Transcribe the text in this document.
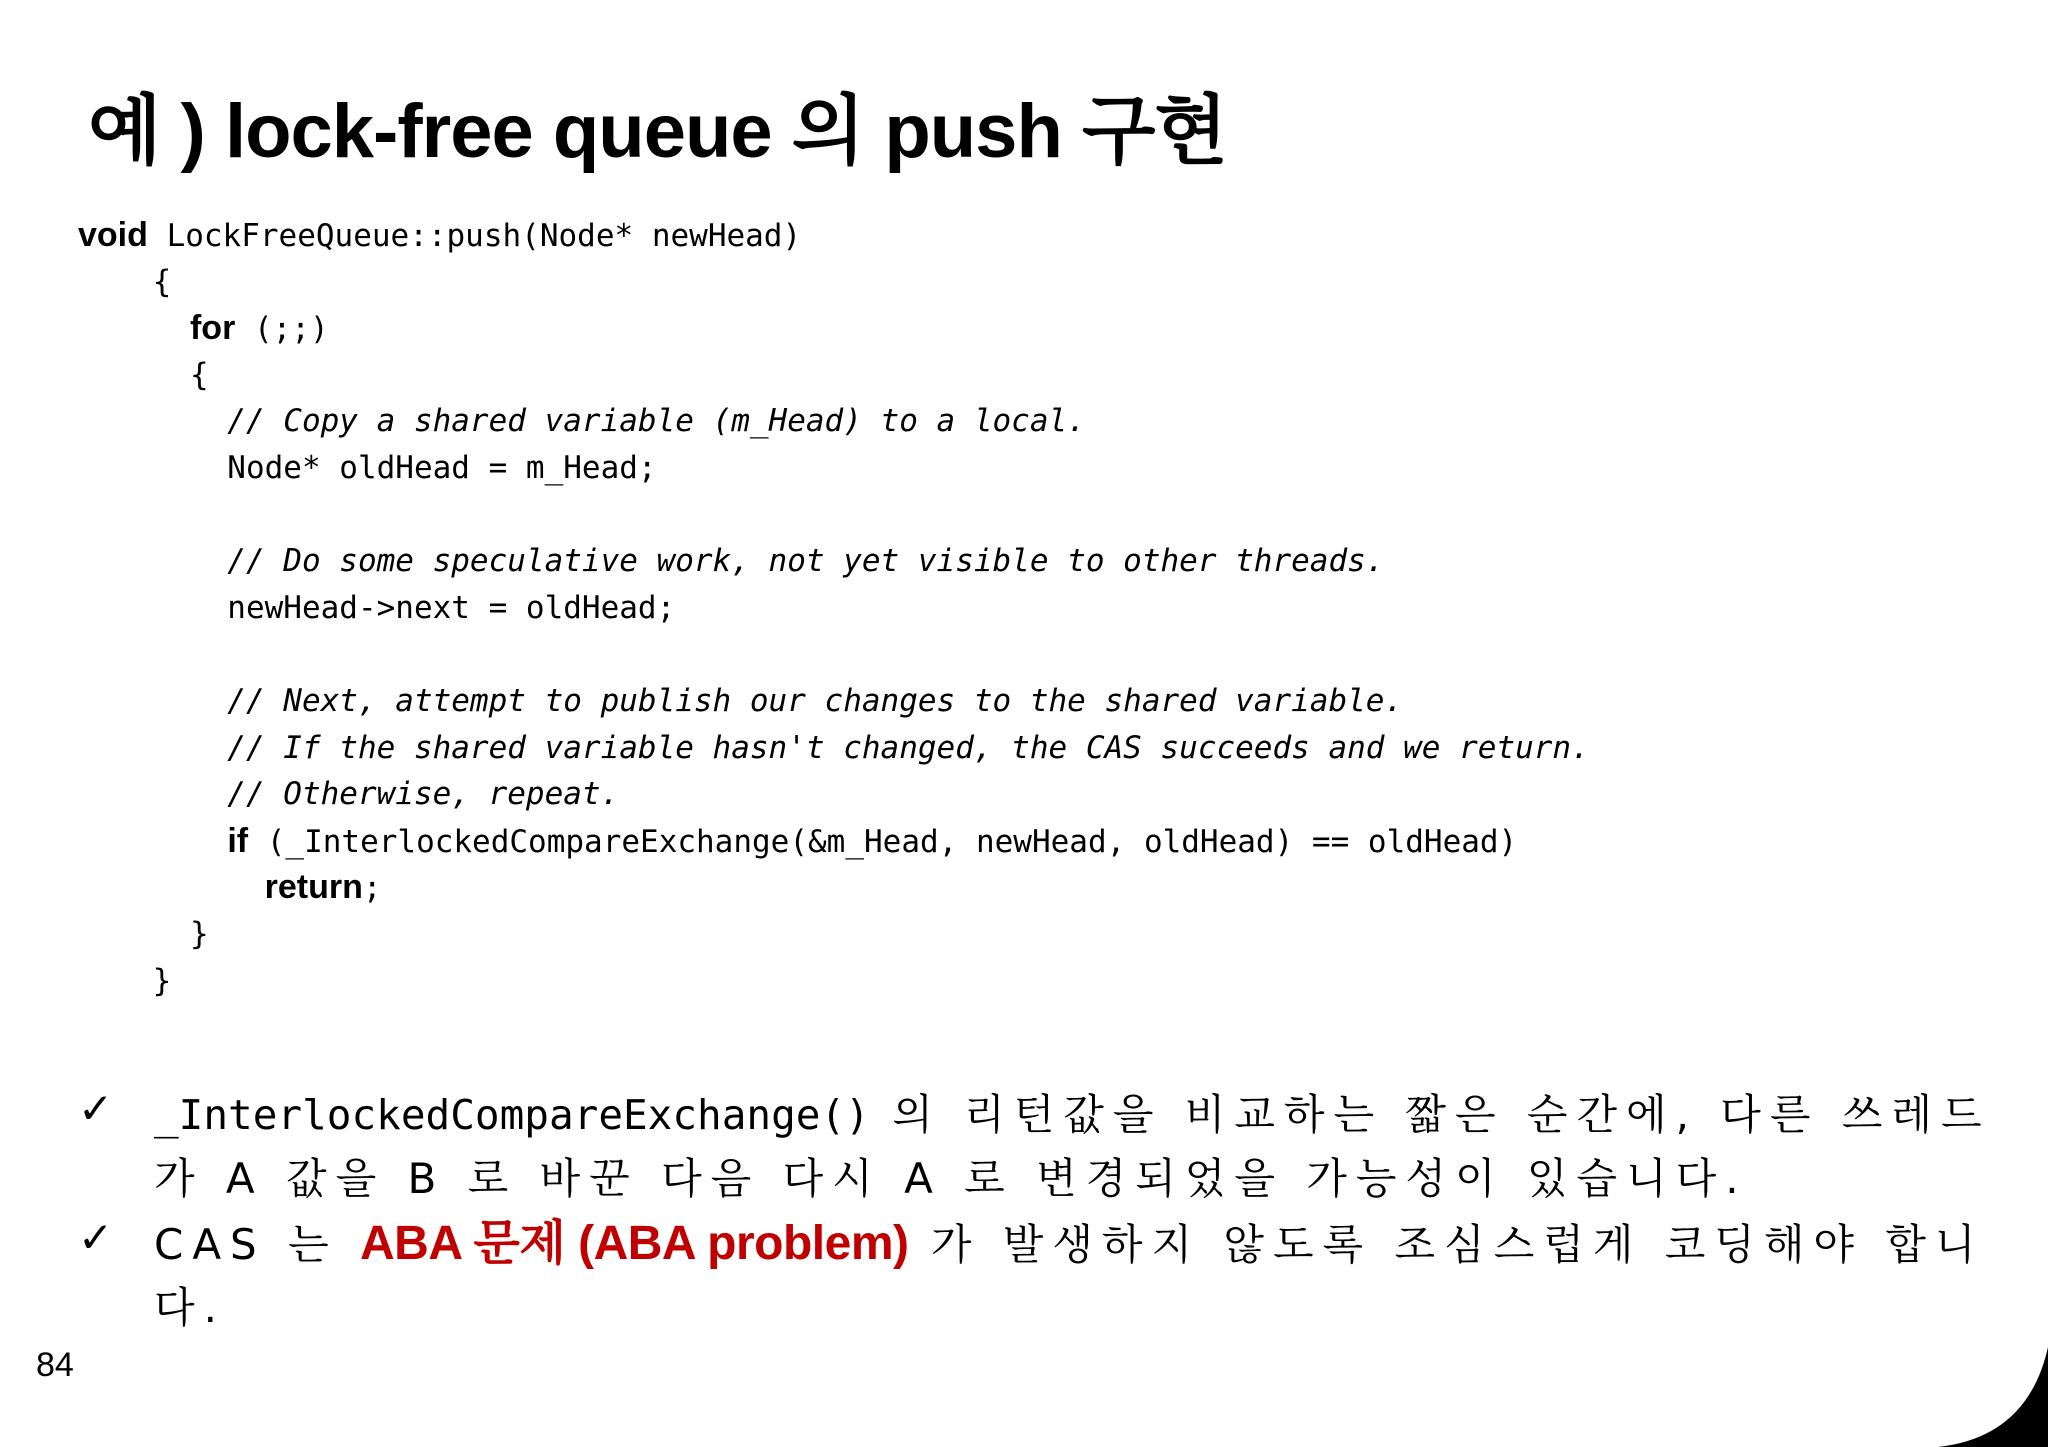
예 ) lock-free queue 의 push 구현
void LockFreeQueue::push(Node* newHead)
{
for (;;)
{
// Copy a shared variable (m_Head) to a local.
Node* oldHead = m_Head;
// Do some speculative work, not yet visible to other threads.
newHead->next = oldHead;
// Next, attempt to publish our changes to the shared variable.
// If the shared variable hasn't changed, the CAS succeeds and we return.
// Otherwise, repeat.
if (_InterlockedCompareExchange(&m_Head, newHead, oldHead) == oldHead)
return;
}
}
✓ _InterlockedCompareExchange() 의 리턴값을 비교하는 짧은 순간에, 다른 쓰레드가 A 값을 B 로 바꾼 다음 다시 A 로 변경되었을 가능성이 있습니다.
✓ CAS 는 ABA 문제 (ABA problem) 가 발생하지 않도록 조심스럽게 코딩해야 합니다.
84
